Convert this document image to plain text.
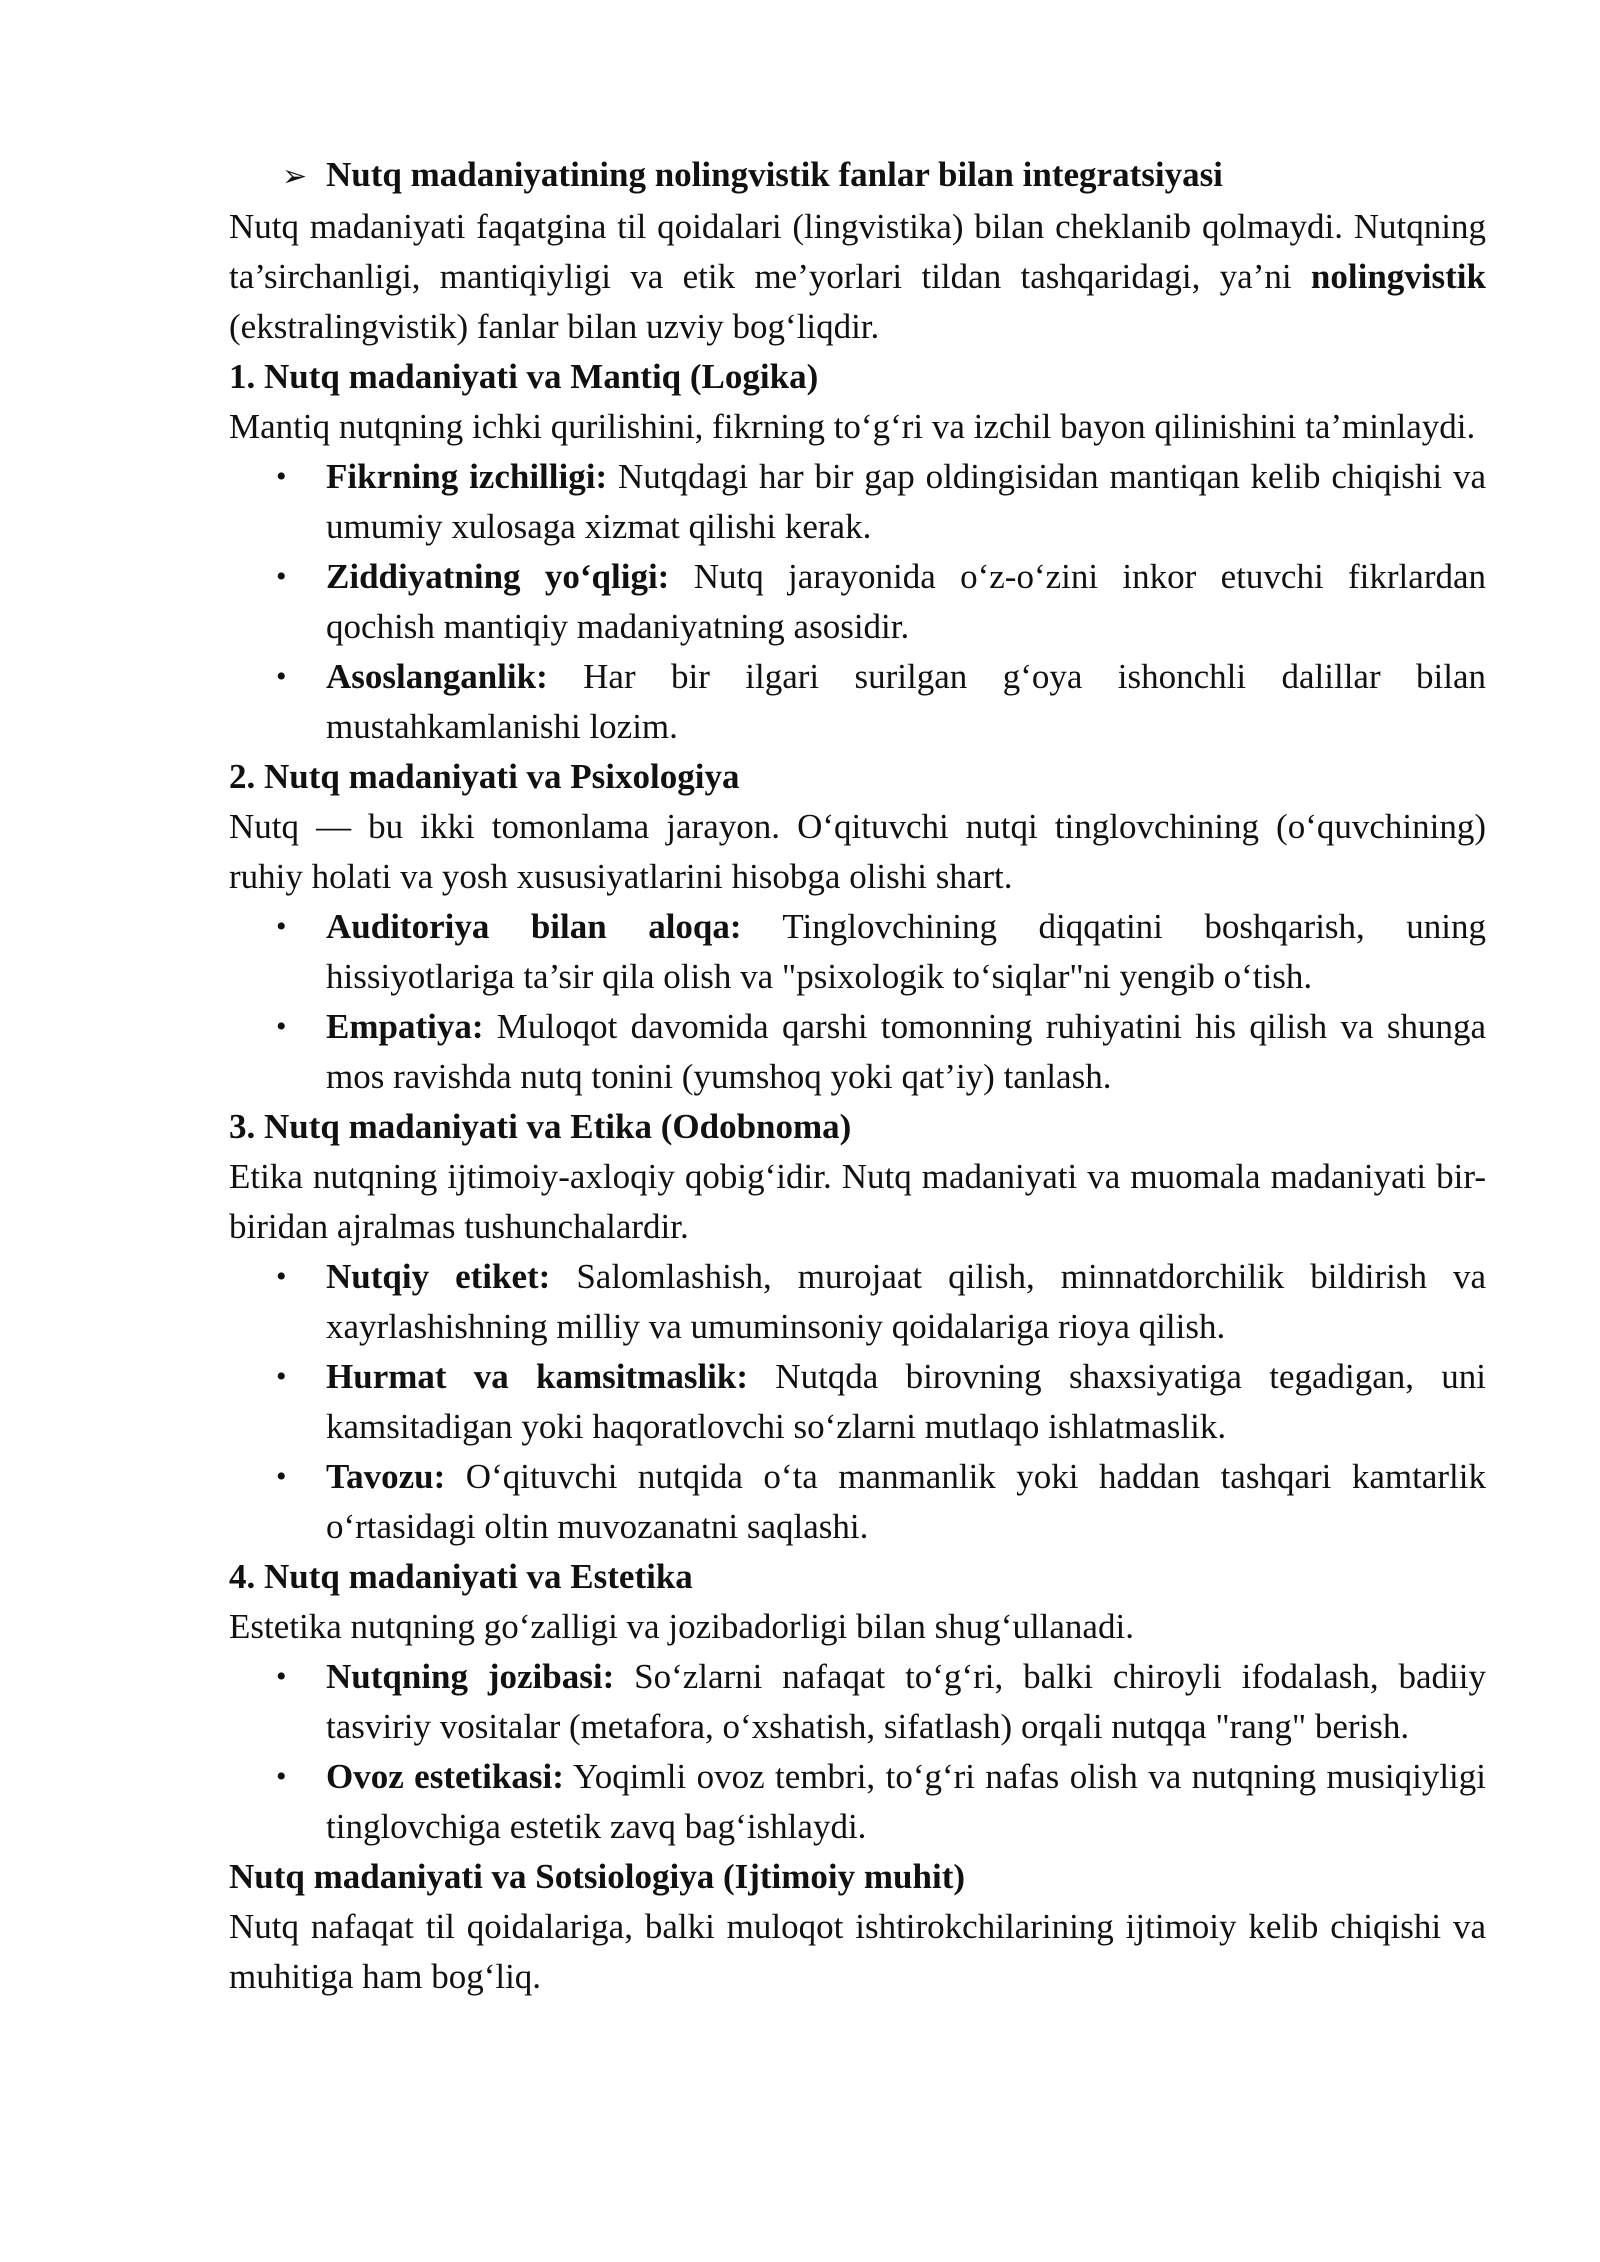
➢ Nutq madaniyatining nolingvistik fanlar bilan integratsiyasi

Nutq madaniyati faqatgina til qoidalari (lingvistika) bilan cheklanib qolmaydi. Nutqning ta’sirchanligi, mantiqiyligi va etik me’yorlari tildan tashqaridagi, ya’ni nolingvistik (ekstralingvistik) fanlar bilan uzviy bog‘liqdir.

1. Nutq madaniyati va Mantiq (Logika)

Mantiq nutqning ichki qurilishini, fikrning to‘g‘ri va izchil bayon qilinishini ta’minlaydi.

• Fikrning izchilligi: Nutqdagi har bir gap oldingisidan mantiqan kelib chiqishi va umumiy xulosaga xizmat qilishi kerak.
• Ziddiyatning yo‘qligi: Nutq jarayonida o‘z-o‘zini inkor etuvchi fikrlardan qochish mantiqiy madaniyatning asosidir.
• Asoslanganlik: Har bir ilgari surilgan g‘oya ishonchli dalillar bilan mustahkamlanishi lozim.

2. Nutq madaniyati va Psixologiya

Nutq — bu ikki tomonlama jarayon. O‘qituvchi nutqi tinglovchining (o‘quvchining) ruhiy holati va yosh xususiyatlarini hisobga olishi shart.

• Auditoriya bilan aloqa: Tinglovchining diqqatini boshqarish, uning hissiyotlariga ta’sir qila olish va "psixologik to‘siqlar"ni yengib o‘tish.
• Empatiya: Muloqot davomida qarshi tomonning ruhiyatini his qilish va shunga mos ravishda nutq tonini (yumshoq yoki qat’iy) tanlash.

3. Nutq madaniyati va Etika (Odobnoma)

Etika nutqning ijtimoiy-axloqiy qobig‘idir. Nutq madaniyati va muomala madaniyati bir-biridan ajralmas tushunchalardir.

• Nutqiy etiket: Salomlashish, murojaat qilish, minnatdorchilik bildirish va xayrlashishning milliy va umuminsoniy qoidalariga rioya qilish.
• Hurmat va kamsitmaslik: Nutqda birovning shaxsiyatiga tegadigan, uni kamsitadigan yoki haqoratlovchi so‘zlarni mutlaqo ishlatmaslik.
• Tavozu: O‘qituvchi nutqida o‘ta manmanlik yoki haddan tashqari kamtarlik o‘rtasidagi oltin muvozanatni saqlashi.

4. Nutq madaniyati va Estetika

Estetika nutqning go‘zalligi va jozibadorligi bilan shug‘ullanadi.

• Nutqning jozibasi: So‘zlarni nafaqat to‘g‘ri, balki chiroyli ifodalash, badiiy tasviriy vositalar (metafora, o‘xshatish, sifatlash) orqali nutqqa "rang" berish.
• Ovoz estetikasi: Yoqimli ovoz tembri, to‘g‘ri nafas olish va nutqning musiqiyligi tinglovchiga estetik zavq bag‘ishlaydi.

Nutq madaniyati va Sotsiologiya (Ijtimoiy muhit)

Nutq nafaqat til qoidalariga, balki muloqot ishtirokchilarining ijtimoiy kelib chiqishi va muhitiga ham bog‘liq.
